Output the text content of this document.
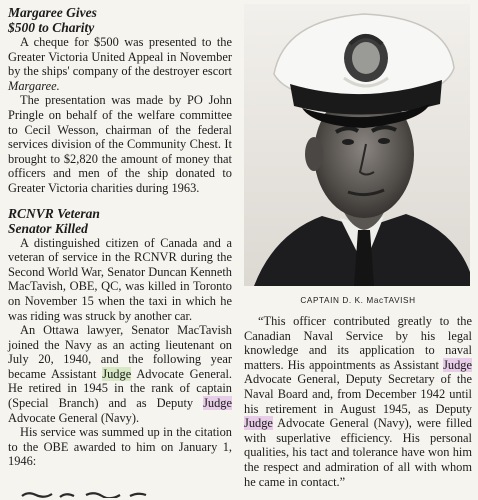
Margaree Gives
$500 to Charity

A cheque for $500 was presented to the Greater Victoria United Appeal in November by the ships' company of the destroyer escort Margaree.

The presentation was made by PO John Pringle on behalf of the welfare committee to Cecil Wesson, chairman of the federal services division of the Community Chest. It brought to $2,820 the amount of money that officers and men of the ship donated to Greater Victoria charities during 1963.

RCNVR Veteran
Senator Killed

A distinguished citizen of Canada and a veteran of service in the RCNVR during the Second World War, Senator Duncan Kenneth MacTavish, OBE, QC, was killed in Toronto on November 15 when the taxi in which he was riding was struck by another car.

An Ottawa lawyer, Senator MacTavish joined the Navy as an acting lieutenant on July 20, 1940, and the following year became Assistant Judge Advocate General. He retired in 1945 in the rank of captain (Special Branch) and as Deputy Judge Advocate General (Navy).

His service was summed up in the citation to the OBE awarded to him on January 1, 1946:

CAPTAIN D. K. MacTAVISH

“This officer contributed greatly to the Canadian Naval Service by his legal knowledge and its application to naval matters. His appointments as Assistant Judge Advocate General, Deputy Secretary of the Naval Board and, from December 1942 until his retirement in August 1945, as Deputy Judge Advocate General (Navy), were filled with superlative efficiency. His personal qualities, his tact and tolerance have won him the respect and admiration of all with whom he came in contact.”
